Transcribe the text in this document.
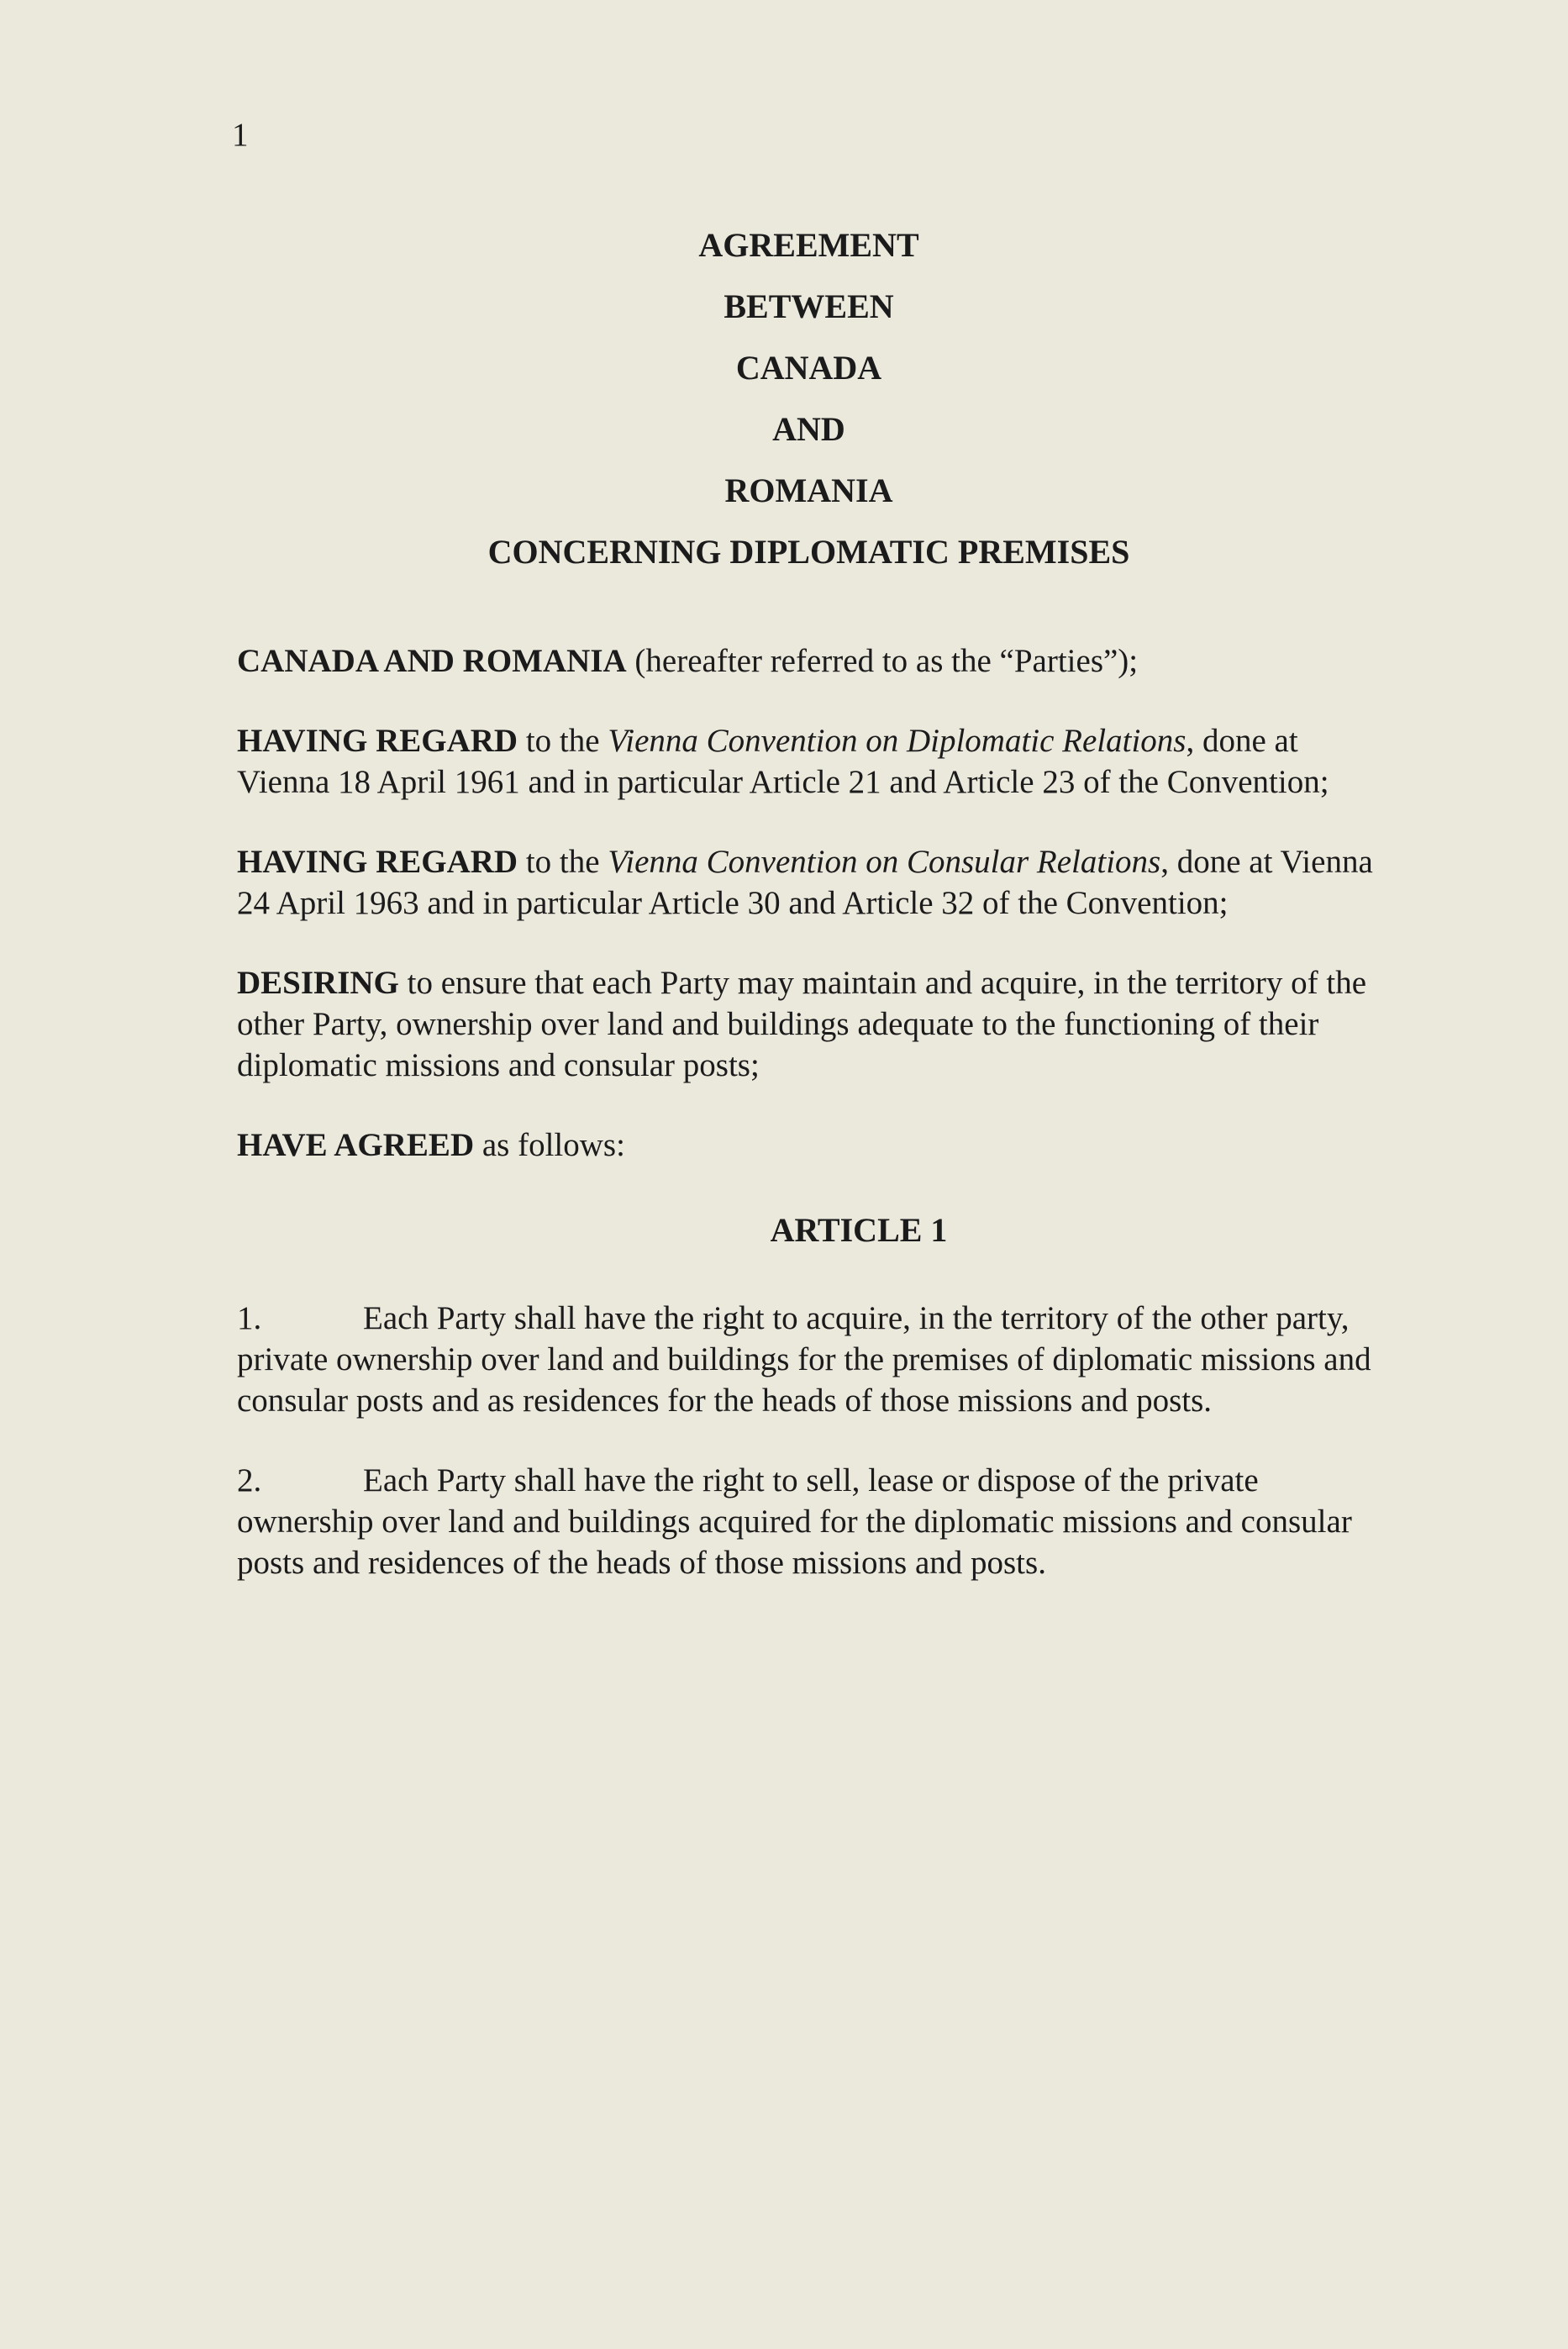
1
AGREEMENT
BETWEEN
CANADA
AND
ROMANIA
CONCERNING DIPLOMATIC PREMISES

CANADA AND ROMANIA (hereafter referred to as the “Parties”);

HAVING REGARD to the Vienna Convention on Diplomatic Relations, done at Vienna 18 April 1961 and in particular Article 21 and Article 23 of the Convention;

HAVING REGARD to the Vienna Convention on Consular Relations, done at Vienna 24 April 1963 and in particular Article 30 and Article 32 of the Convention;

DESIRING to ensure that each Party may maintain and acquire, in the territory of the other Party, ownership over land and buildings adequate to the functioning of their diplomatic missions and consular posts;

HAVE AGREED as follows:

ARTICLE 1

1.	Each Party shall have the right to acquire, in the territory of the other party, private ownership over land and buildings for the premises of diplomatic missions and consular posts and as residences for the heads of those missions and posts.

2.	Each Party shall have the right to sell, lease or dispose of the private ownership over land and buildings acquired for the diplomatic missions and consular posts and residences of the heads of those missions and posts.
